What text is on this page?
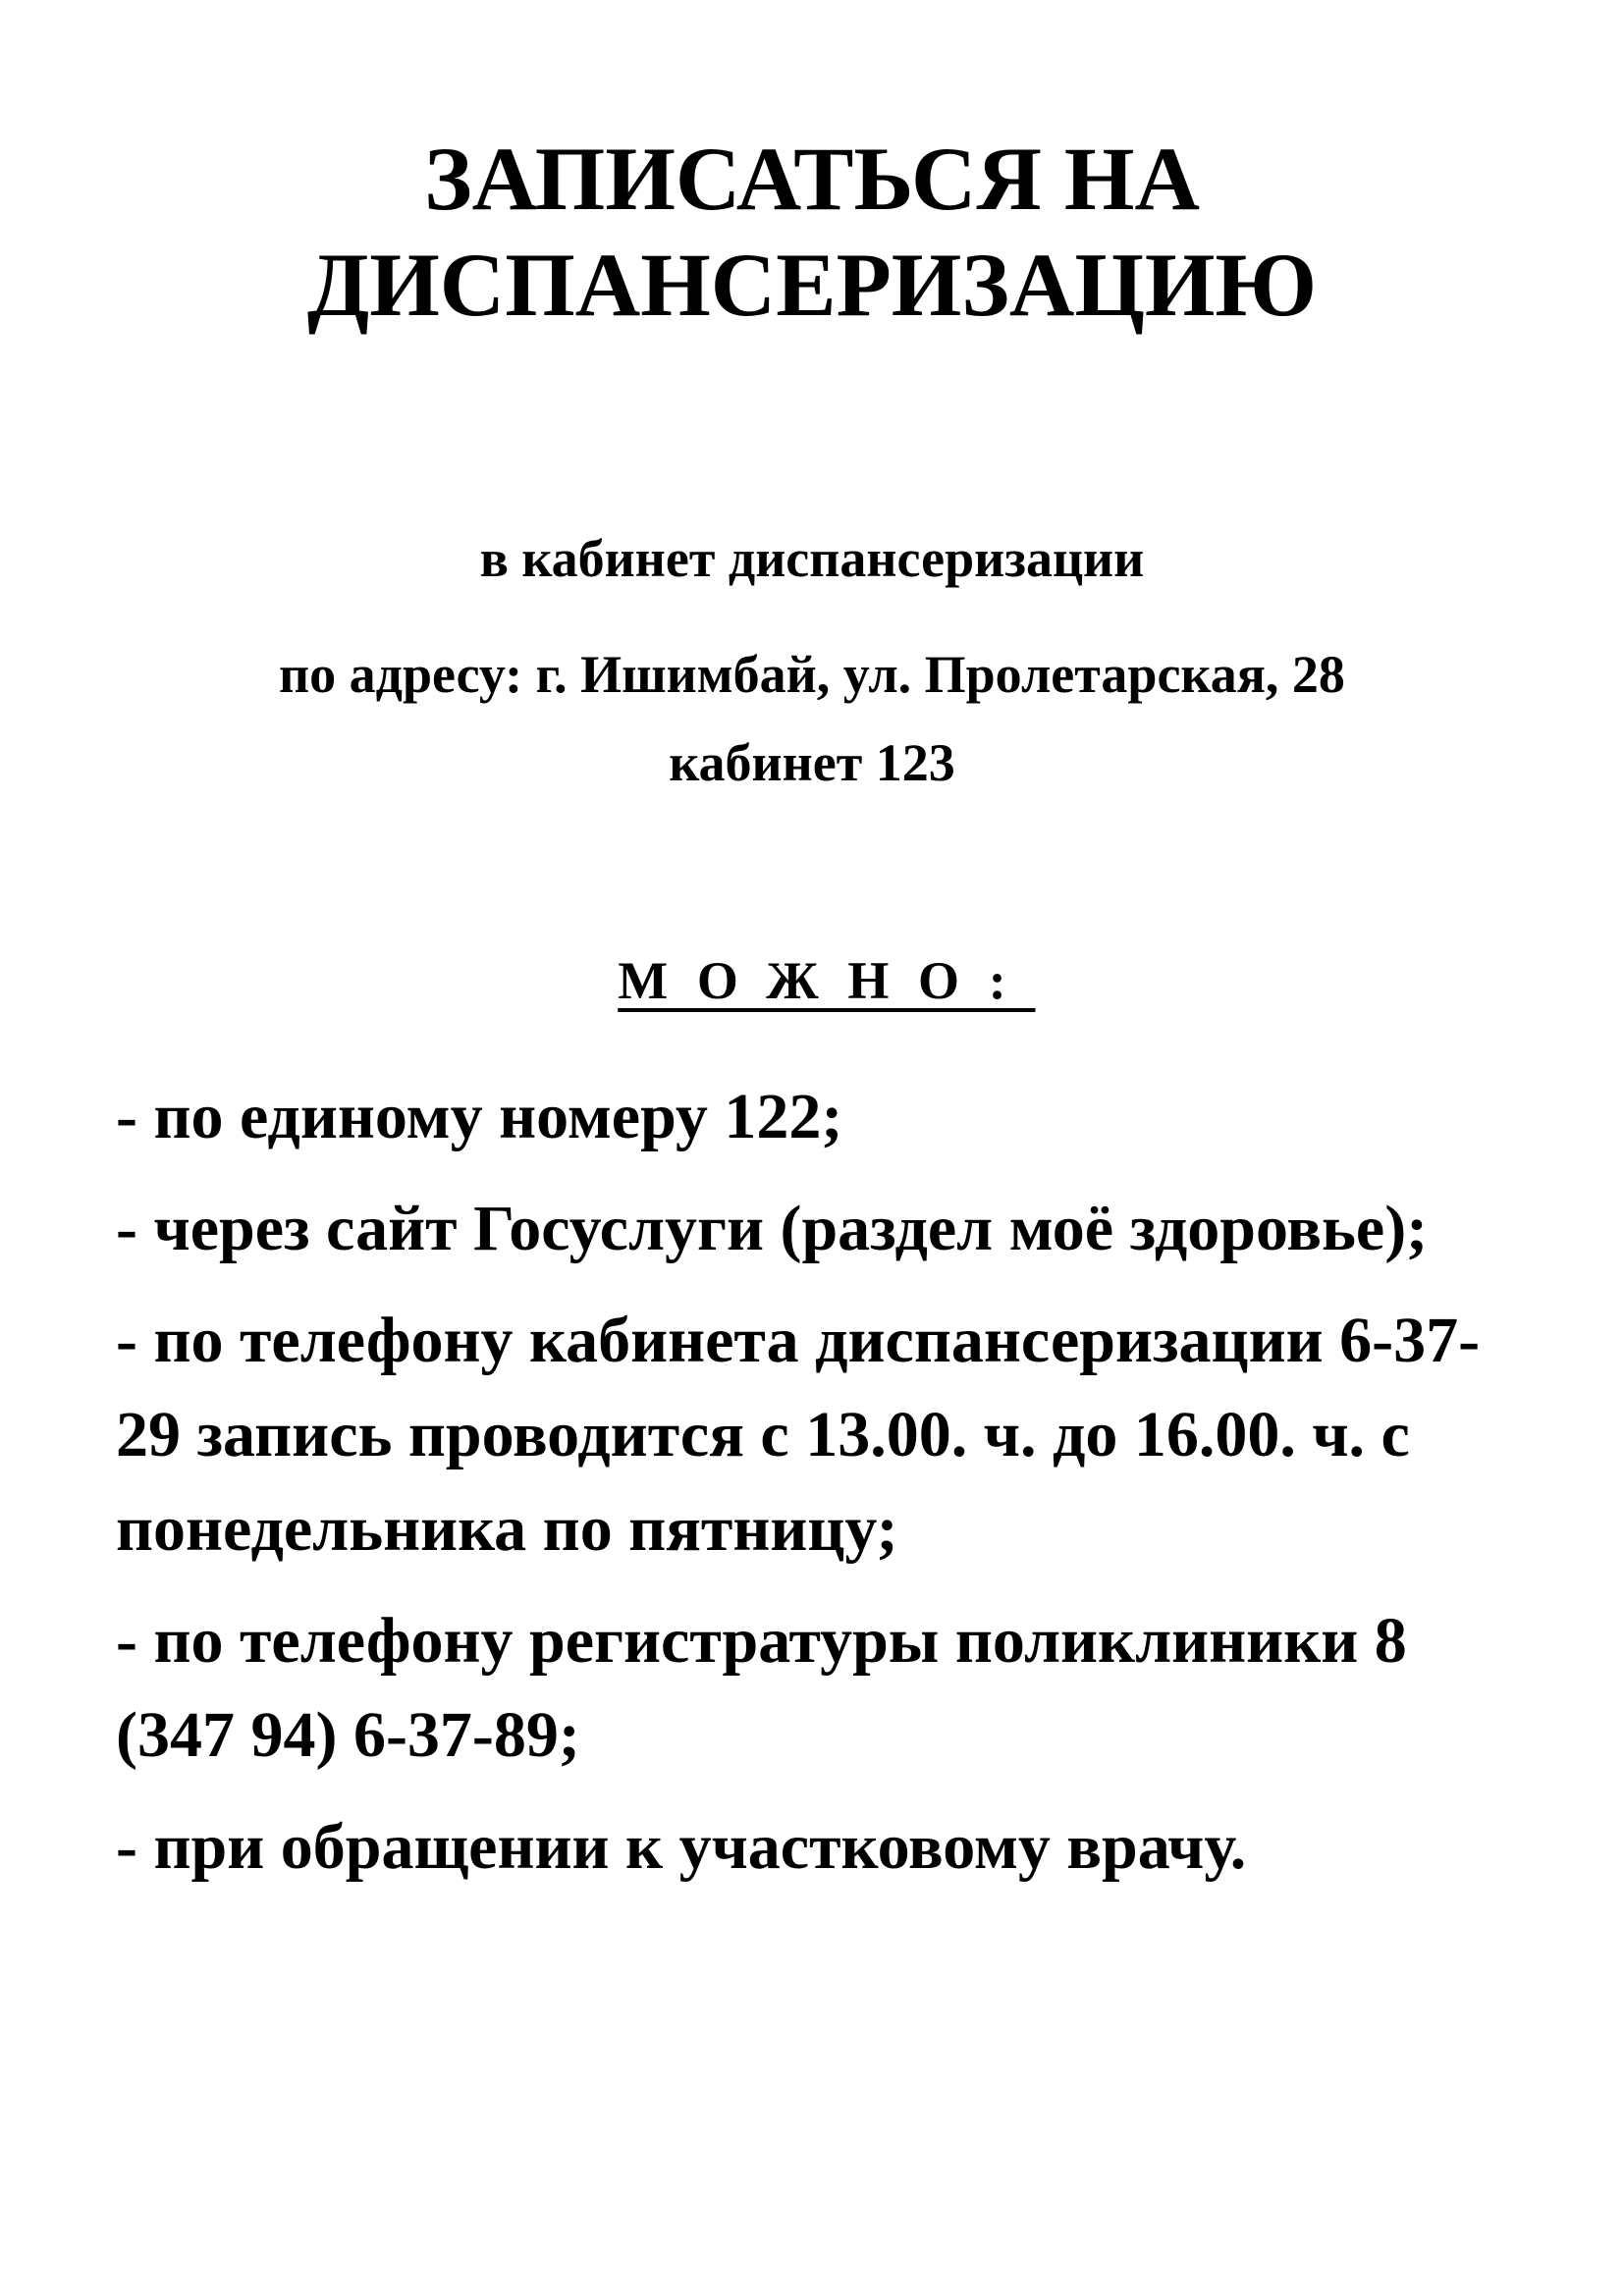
ЗАПИСАТЬСЯ НА
ДИСПАНСЕРИЗАЦИЮ

в кабинет диспансеризации

по адресу: г. Ишимбай, ул. Пролетарская, 28

кабинет 123

МОЖНО:

- по единому номеру 122;
- через сайт Госуслуги (раздел моё здоровье);
- по телефону кабинета диспансеризации 6-37-29 запись проводится с 13.00. ч. до 16.00. ч. с понедельника по пятницу;
- по телефону регистратуры поликлиники 8 (347 94) 6-37-89;
- при обращении к участковому врачу.
